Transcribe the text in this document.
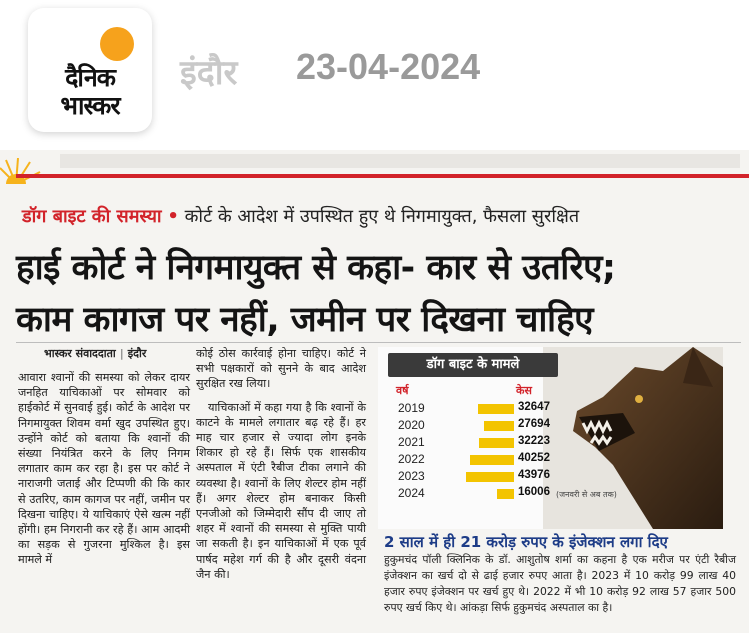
दैनिक
भास्कर
इंदौर 23-04-2024
डॉग बाइट की समस्या • कोर्ट के आदेश में उपस्थित हुए थे निगमायुक्त, फैसला सुरक्षित
हाई कोर्ट ने निगमायुक्त से कहा- कार से उतरिए;
काम कागज पर नहीं, जमीन पर दिखना चाहिए
भास्कर संवाददाता | इंदौर

आवारा श्वानों की समस्या को लेकर दायर जनहित याचिकाओं पर सोमवार को हाईकोर्ट में सुनवाई हुई। कोर्ट के आदेश पर निगमायुक्त शिवम वर्मा खुद उपस्थित हुए। उन्होंने कोर्ट को बताया कि श्वानों की संख्या नियंत्रित करने के लिए निगम लगातार काम कर रहा है। इस पर कोर्ट ने नाराजगी जताई और टिप्पणी की कि कार से उतरिए, काम कागज पर नहीं, जमीन पर दिखना चाहिए। ये याचिकाएं ऐसे खत्म नहीं होंगी। हम निगरानी कर रहे हैं। आम आदमी का सड़क से गुजरना मुश्किल है। इस मामले में

कोई ठोस कार्रवाई होना चाहिए। कोर्ट ने सभी पक्षकारों को सुनने के बाद आदेश सुरक्षित रख लिया।

याचिकाओं में कहा गया है कि श्वानों के काटने के मामले लगातार बढ़ रहे हैं। हर माह चार हजार से ज्यादा लोग इनके शिकार हो रहे हैं। सिर्फ एक शासकीय अस्पताल में एंटी रैबीज टीका लगाने की व्यवस्था है। श्वानों के लिए शेल्टर होम नहीं हैं। अगर शेल्टर होम बनाकर किसी एनजीओ को जिम्मेदारी सौंप दी जाए तो शहर में श्वानों की समस्या से मुक्ति पायी जा सकती है। इन याचिकाओं में एक पूर्व पार्षद महेश गर्ग की है और दूसरी वंदना जैन की।

डॉग बाइट के मामले
वर्ष	केस
2019	32647
2020	27694
2021	32223
2022	40252
2023	43976
2024	16006 (जनवरी से अब तक)
2 साल में ही 21 करोड़ रुपए के इंजेक्शन लगा दिए

हुकुमचंद पॉली क्लिनिक के डॉ. आशुतोष शर्मा का कहना है एक मरीज पर एंटी रैबीज इंजेक्शन का खर्च दो से ढाई हजार रुपए आता है। 2023 में 10 करोड़ 99 लाख 40 हजार रुपए इंजेक्शन पर खर्च हुए थे। 2022 में भी 10 करोड़ 92 लाख 57 हजार 500 रुपए खर्च किए थे। आंकड़ा सिर्फ हुकुमचंद अस्पताल का है।
